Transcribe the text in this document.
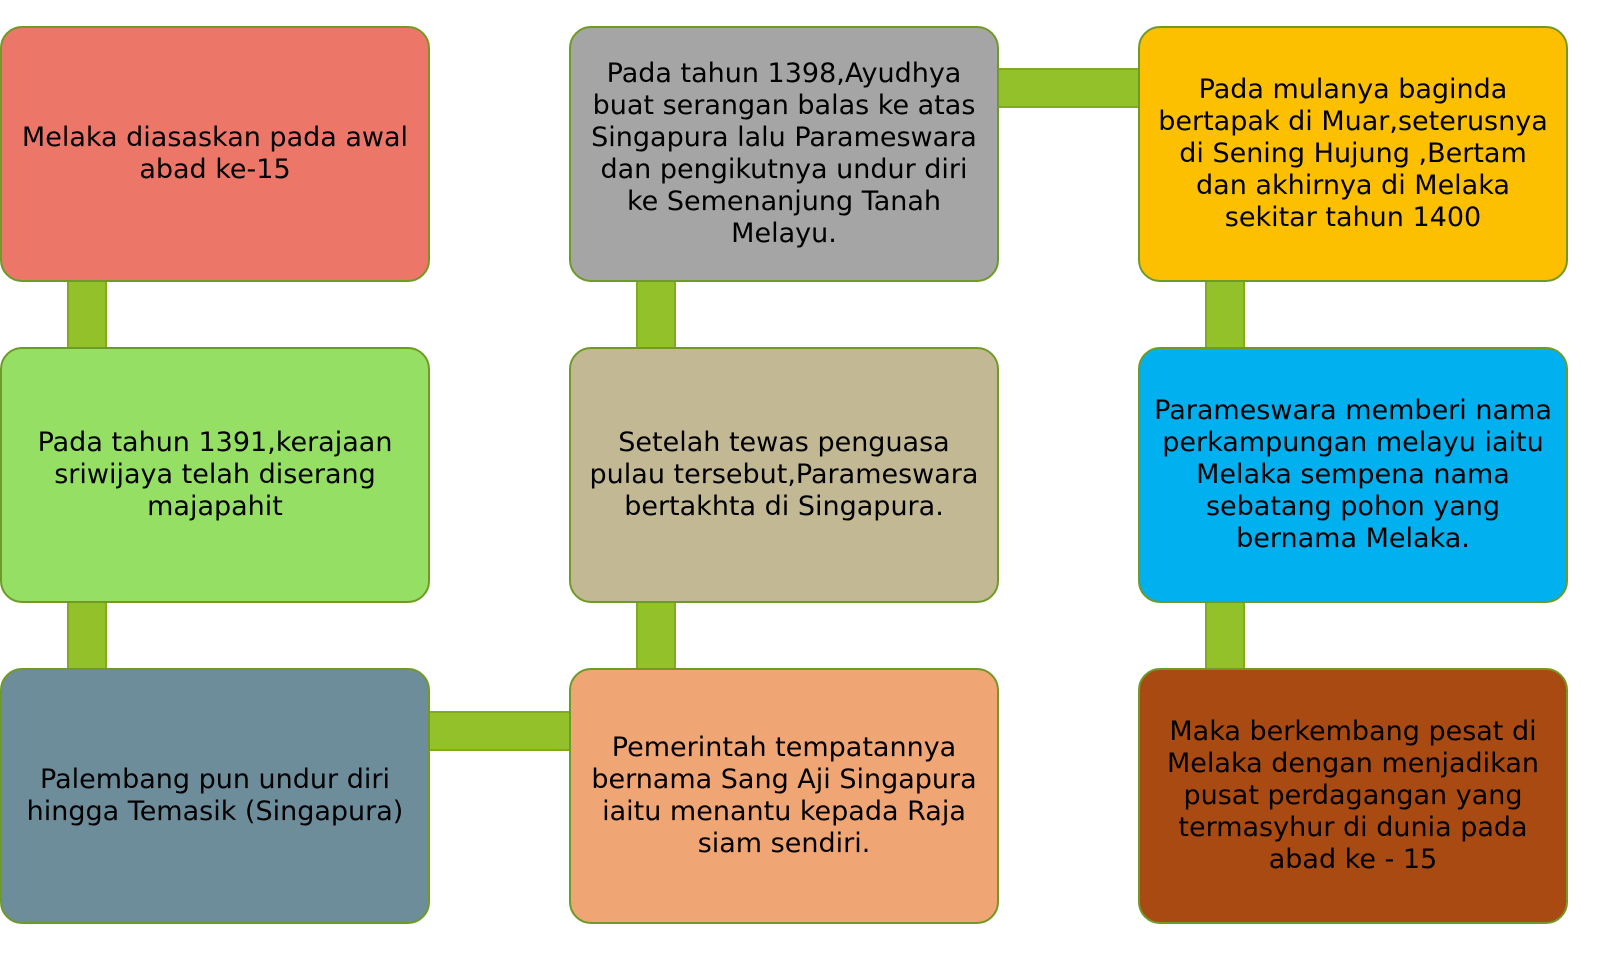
Melaka diasaskan pada awal
abad ke-15
Pada tahun 1391,kerajaan
sriwijaya telah diserang
majapahit
Palembang pun undur diri
hingga Temasik (Singapura)
Pemerintah tempatannya
bernama Sang Aji Singapura
iaitu menantu kepada Raja
siam sendiri.
Setelah tewas penguasa
pulau tersebut,Parameswara
bertakhta di Singapura.
Pada tahun 1398,Ayudhya
buat serangan balas ke atas
Singapura lalu Parameswara
dan pengikutnya undur diri
ke Semenanjung Tanah
Melayu.
Pada mulanya baginda
bertapak di Muar,seterusnya
di Sening Hujung ,Bertam
dan akhirnya di Melaka
sekitar tahun 1400
Parameswara memberi nama
perkampungan melayu iaitu
Melaka sempena nama
sebatang pohon yang
bernama Melaka.
Maka berkembang pesat di
Melaka dengan menjadikan
pusat perdagangan yang
termasyhur di dunia pada
abad ke - 15
